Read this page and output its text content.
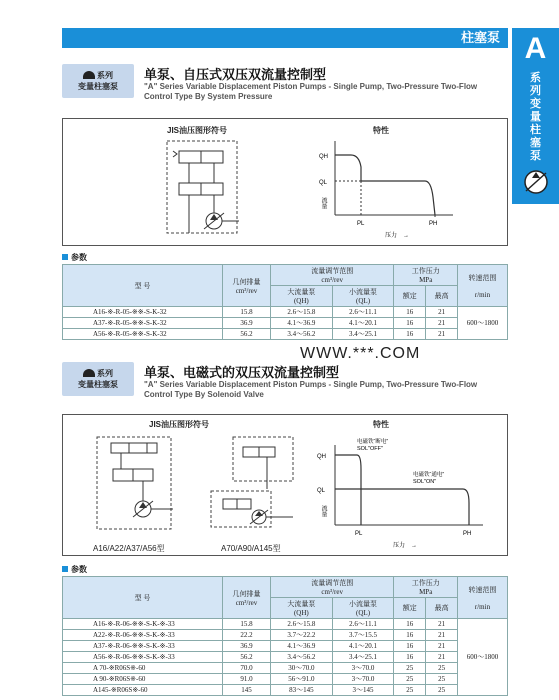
柱塞泵 A
系列变量柱塞泵
系列
变量柱塞泵
单泵、自压式双压双流量控制型
"A" Series Variable Displacement Piston Pumps - Single Pump, Two-Pressure Two-Flow Control Type By System Pressure
JIS油压图形符号	特性
QH
QL
PL	PH
流量
压力 →
参数
型 号	几何排量
cm³/rev	流量调节范围
cm³/rev		工作压力
MPa		转速范围

r/min
		大流量泵
(QH)	小流量泵
(QL)	额定	最高	
A16-※-R-05-※※-S-K-32	15.8	2.6～15.8	2.6～11.1	16	21	600～1800
A37-※-R-05-※※-S-K-32	36.9	4.1～36.9	4.1～20.1	16	21	
A56-※-R-05-※※-S-K-32	56.2	3.4～56.2	3.4～25.1	16	21	
WWW.***.COM
系列
变量柱塞泵
单泵、电磁式的双压双流量控制型
"A" Series Variable Displacement Piston Pumps - Single Pump, Two-Pressure Two-Flow Control Type By Solenoid Valve
JIS油压图形符号	特性
A16/A22/A37/A56型	A70/A90/A145型
QH
QL
PL	PH
电磁铁“断电”
SOL"OFF"
电磁铁“通电”
SOL"ON"
流量
压力 →
参数
型 号	几何排量
cm³/rev	流量调节范围
cm³/rev		工作压力
MPa		转速范围

r/min
		大流量泵
(QH)	小流量泵
(QL)	额定	最高	
A16-※-R-06-※※-S-K-※-33	15.8	2.6～15.8	2.6～11.1	16	21	600～1800
A22-※-R-06-※※-S-K-※-33	22.2	3.7～22.2	3.7～15.5	16	21	
A37-※-R-06-※※-S-K-※-33	36.9	4.1～36.9	4.1～20.1	16	21	
A56-※-R-06-※※-S-K-※-33	56.2	3.4～56.2	3.4～25.1	16	21	
A 70-※R06S※-60	70.0	30～70.0	3～70.0	25	25	
A 90-※R06S※-60	91.0	56～91.0	3～70.0	25	25	
A145-※R06S※-60	145	83～145	3～145	25	25	
